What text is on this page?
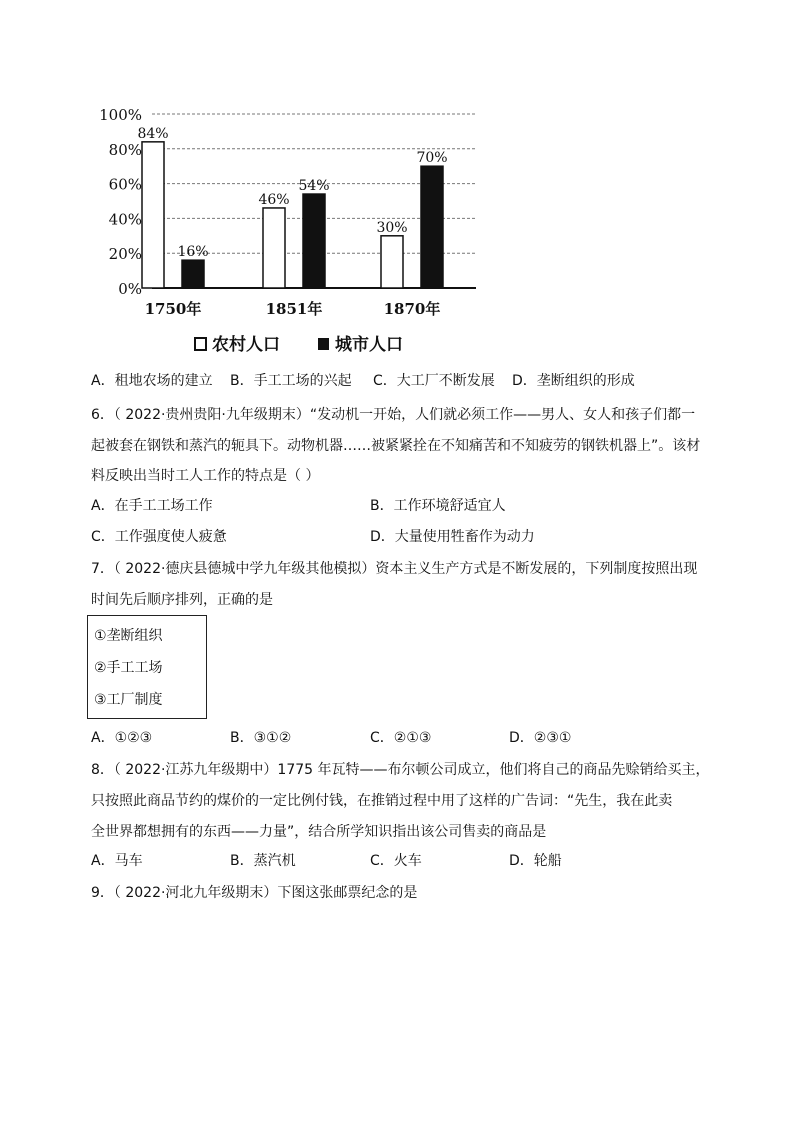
0%
20%
40%
60%
80%
100%
84%
16%
46%
54%
30%
70%
1750年	1851年	1870年
农村人口	城市人口
A．租地农场的建立 B．手工工场的兴起 C．大工厂不断发展 D．垄断组织的形成
6．（ 2022·贵州贵阳·九年级期末）“发动机一开始，人们就必须工作——男人、女人和孩子们都一
起被套在钢铁和蒸汽的轭具下。动物机器……被紧紧拴在不知痛苦和不知疲劳的钢铁机器上”。该材
料反映出当时工人工作的特点是（ ）
A．在手工工场工作	B．工作环境舒适宜人
C．工作强度使人疲惫	D．大量使用牲畜作为动力
7．（ 2022·德庆县德城中学九年级其他模拟）资本主义生产方式是不断发展的，下列制度按照出现
时间先后顺序排列，正确的是
①垄断组织
②手工工场
③工厂制度
A．①②③	B．③①②	C．②①③	D．②③①
8．（ 2022·江苏九年级期中）1775 年瓦特——布尔顿公司成立，他们将自己的商品先赊销给买主，
只按照此商品节约的煤价的一定比例付钱，在推销过程中用了这样的广告词：“先生，我在此卖
全世界都想拥有的东西——力量”，结合所学知识指出该公司售卖的商品是
A．马车	B．蒸汽机	C．火车	D．轮船
9．（ 2022·河北九年级期末）下图这张邮票纪念的是
